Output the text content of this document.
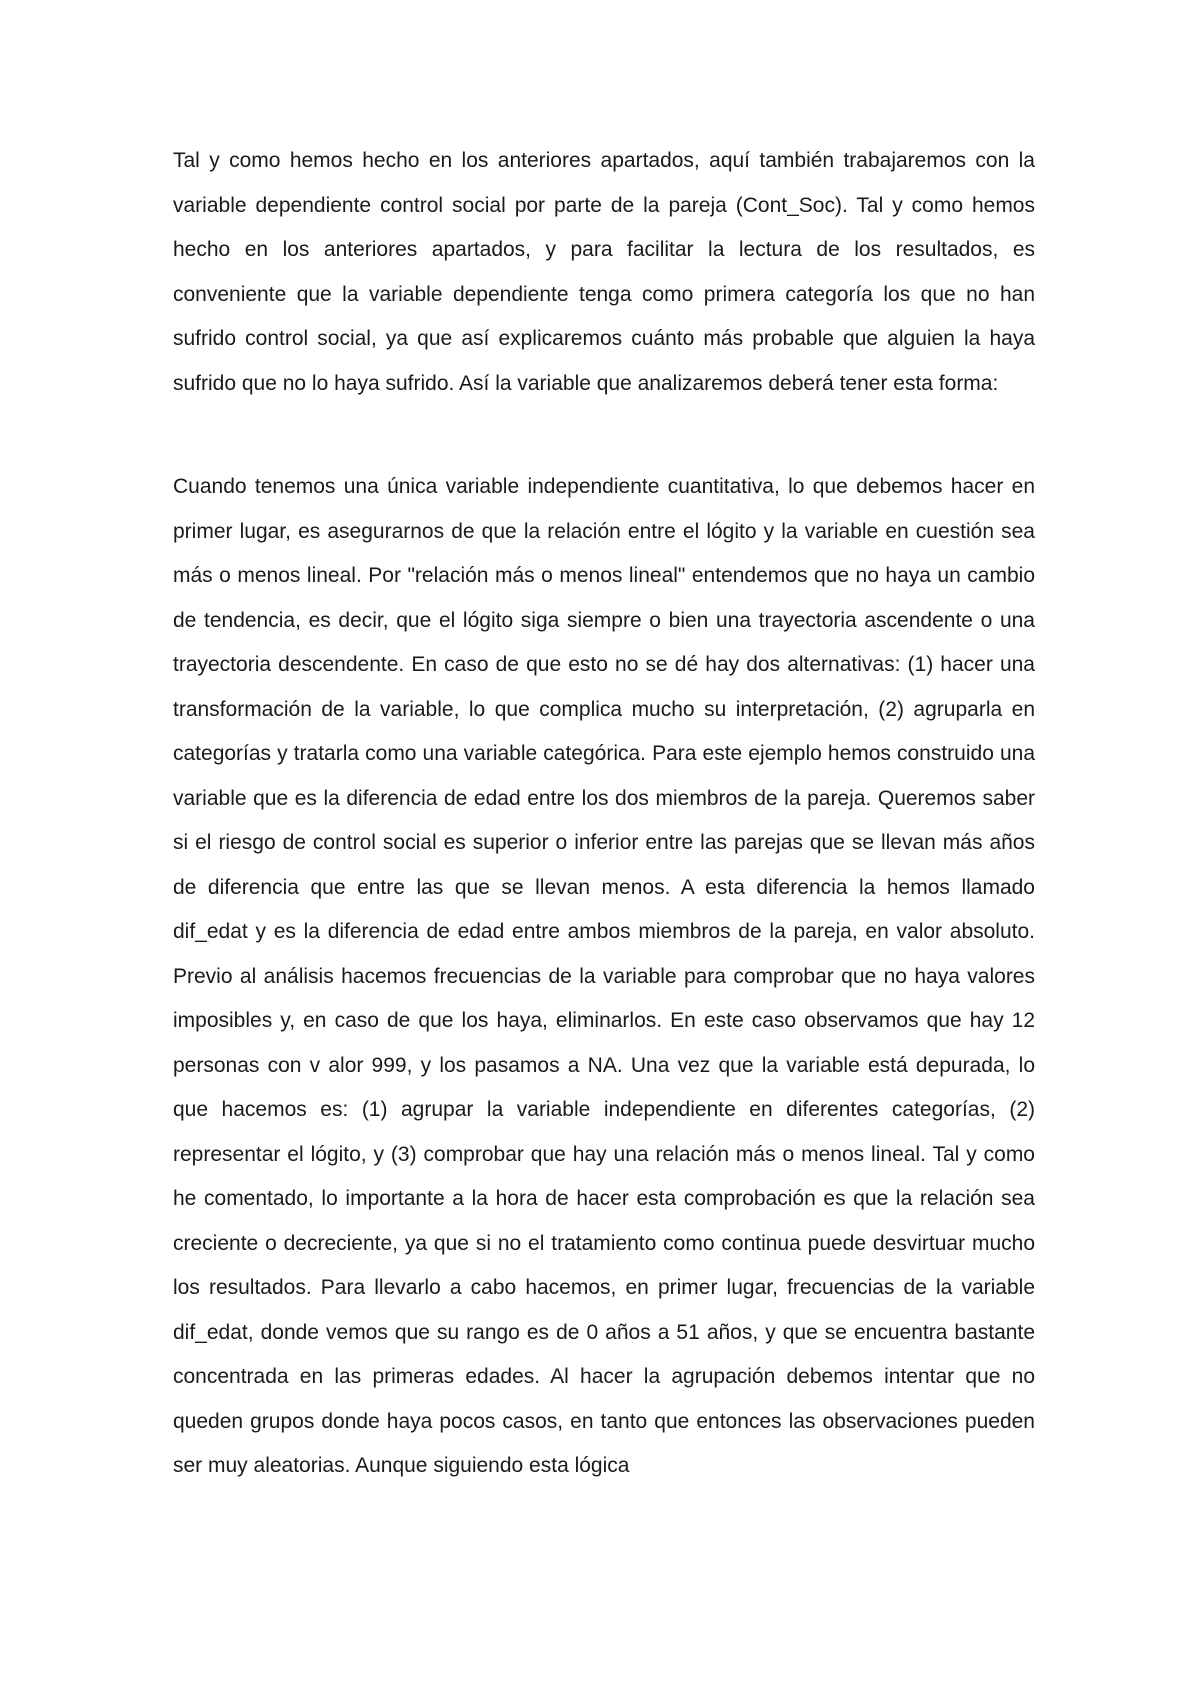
Tal y como hemos hecho en los anteriores apartados, aquí también trabajaremos con la variable dependiente control social por parte de la pareja (Cont_Soc). Tal y como hemos hecho en los anteriores apartados, y para facilitar la lectura de los resultados, es conveniente que la variable dependiente tenga como primera categoría los que no han sufrido control social, ya que así explicaremos cuánto más probable que alguien la haya sufrido que no lo haya sufrido. Así la variable que analizaremos deberá tener esta forma:

Cuando tenemos una única variable independiente cuantitativa, lo que debemos hacer en primer lugar, es asegurarnos de que la relación entre el lógito y la variable en cuestión sea más o menos lineal. Por "relación más o menos lineal" entendemos que no haya un cambio de tendencia, es decir, que el lógito siga siempre o bien una trayectoria ascendente o una trayectoria descendente. En caso de que esto no se dé hay dos alternativas: (1) hacer una transformación de la variable, lo que complica mucho su interpretación, (2) agruparla en categorías y tratarla como una variable categórica. Para este ejemplo hemos construido una variable que es la diferencia de edad entre los dos miembros de la pareja. Queremos saber si el riesgo de control social es superior o inferior entre las parejas que se llevan más años de diferencia que entre las que se llevan menos. A esta diferencia la hemos llamado dif_edat y es la diferencia de edad entre ambos miembros de la pareja, en valor absoluto. Previo al análisis hacemos frecuencias de la variable para comprobar que no haya valores imposibles y, en caso de que los haya, eliminarlos. En este caso observamos que hay 12 personas con v alor 999, y los pasamos a NA. Una vez que la variable está depurada, lo que hacemos es: (1) agrupar la variable independiente en diferentes categorías, (2) representar el lógito, y (3) comprobar que hay una relación más o menos lineal. Tal y como he comentado, lo importante a la hora de hacer esta comprobación es que la relación sea creciente o decreciente, ya que si no el tratamiento como continua puede desvirtuar mucho los resultados. Para llevarlo a cabo hacemos, en primer lugar, frecuencias de la variable dif_edat, donde vemos que su rango es de 0 años a 51 años, y que se encuentra bastante concentrada en las primeras edades. Al hacer la agrupación debemos intentar que no queden grupos donde haya pocos casos, en tanto que entonces las observaciones pueden ser muy aleatorias. Aunque siguiendo esta lógica
